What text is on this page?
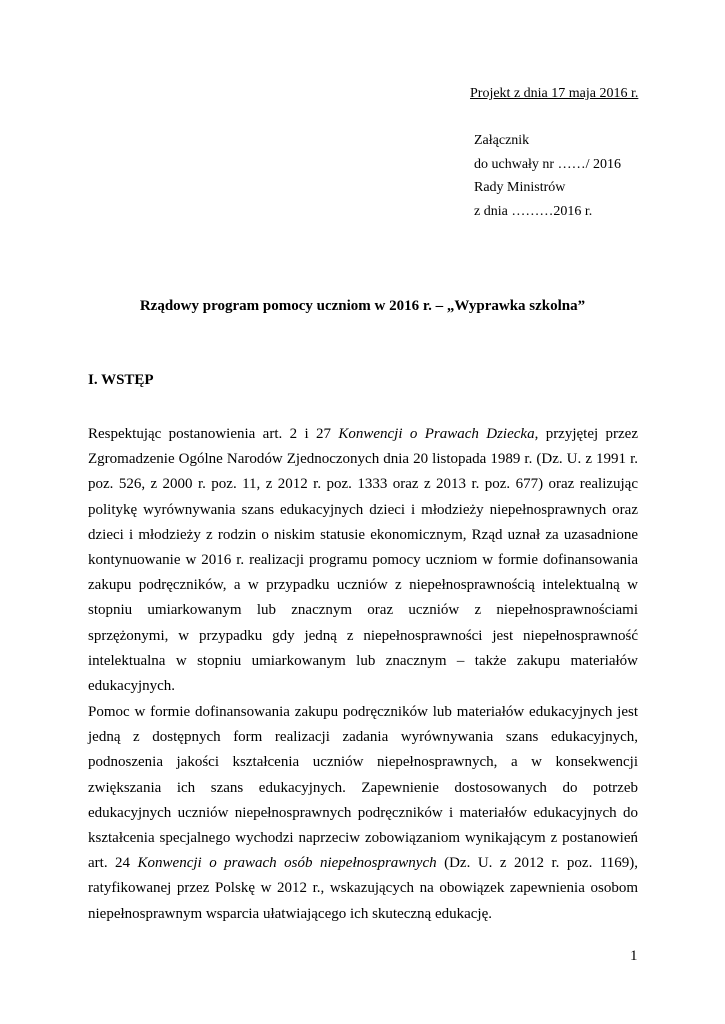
Projekt z dnia 17 maja 2016 r.
Załącznik
do uchwały nr ……/ 2016
Rady Ministrów
z dnia ………2016 r.
Rządowy program pomocy uczniom w 2016 r. – „Wyprawka szkolna”
I. WSTĘP

Respektując postanowienia art. 2 i 27 Konwencji o Prawach Dziecka, przyjętej przez Zgromadzenie Ogólne Narodów Zjednoczonych dnia 20 listopada 1989 r. (Dz. U. z 1991 r. poz. 526, z 2000 r. poz. 11, z 2012 r. poz. 1333 oraz z 2013 r. poz. 677) oraz realizując politykę wyrównywania szans edukacyjnych dzieci i młodzieży niepełnosprawnych oraz dzieci i młodzieży z rodzin o niskim statusie ekonomicznym, Rząd uznał za uzasadnione kontynuowanie w 2016 r. realizacji programu pomocy uczniom w formie dofinansowania zakupu podręczników, a w przypadku uczniów z niepełnosprawnością intelektualną w stopniu umiarkowanym lub znacznym oraz uczniów z niepełnosprawnościami sprzężonymi, w przypadku gdy jedną z niepełnosprawności jest niepełnosprawność intelektualna w stopniu umiarkowanym lub znacznym – także zakupu materiałów edukacyjnych.

Pomoc w formie dofinansowania zakupu podręczników lub materiałów edukacyjnych jest jedną z dostępnych form realizacji zadania wyrównywania szans edukacyjnych, podnoszenia jakości kształcenia uczniów niepełnosprawnych, a w konsekwencji zwiększania ich szans edukacyjnych. Zapewnienie dostosowanych do potrzeb edukacyjnych uczniów niepełnosprawnych podręczników i materiałów edukacyjnych do kształcenia specjalnego wychodzi naprzeciw zobowiązaniom wynikającym z postanowień art. 24 Konwencji o prawach osób niepełnosprawnych (Dz. U. z 2012 r. poz. 1169), ratyfikowanej przez Polskę w 2012 r., wskazujących na obowiązek zapewnienia osobom niepełnosprawnym wsparcia ułatwiającego ich skuteczną edukację.

1
